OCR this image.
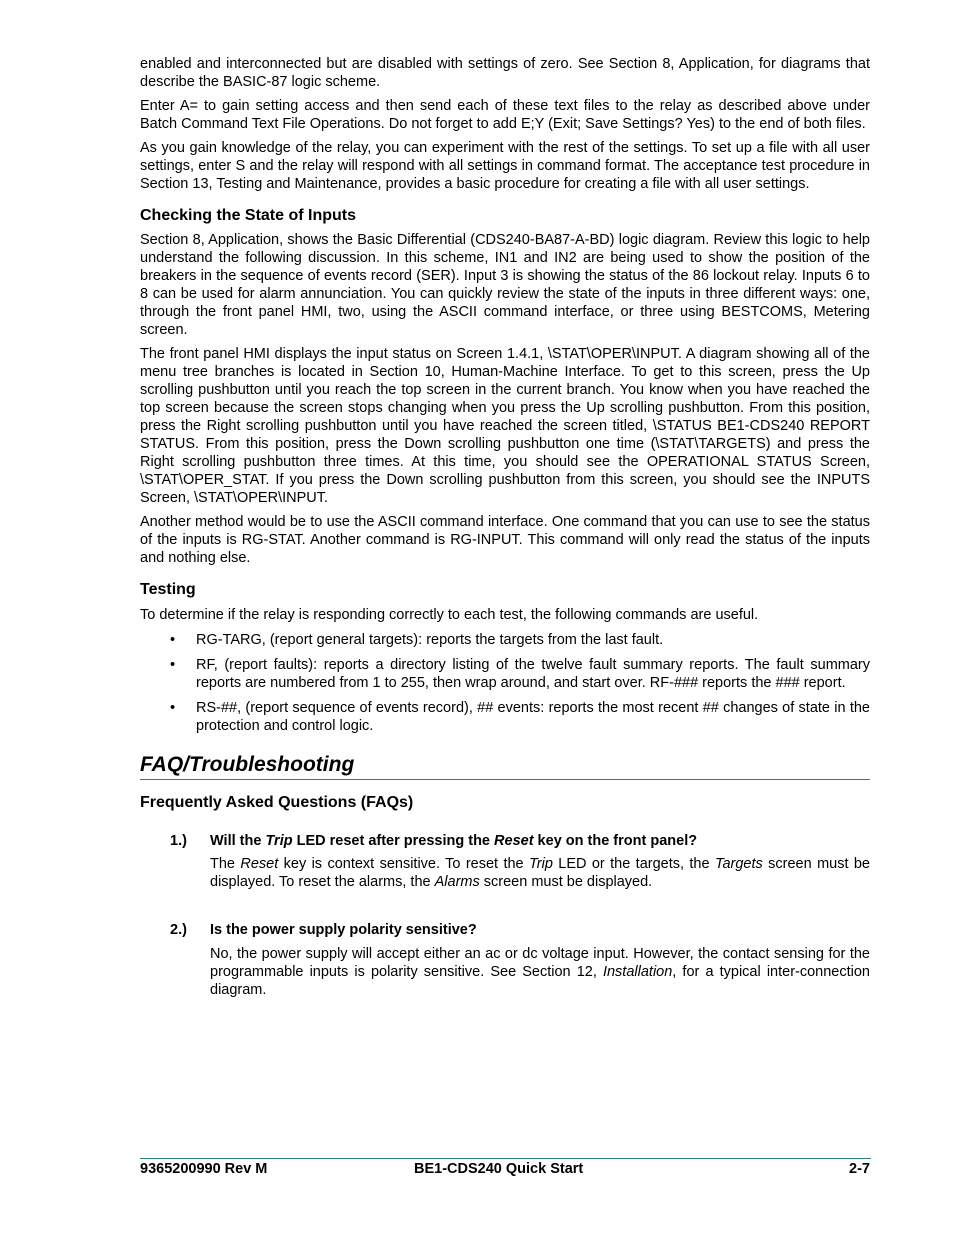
enabled and interconnected but are disabled with settings of zero. See Section 8, Application, for diagrams that describe the BASIC-87 logic scheme.

Enter A= to gain setting access and then send each of these text files to the relay as described above under Batch Command Text File Operations. Do not forget to add E;Y (Exit; Save Settings? Yes) to the end of both files.

As you gain knowledge of the relay, you can experiment with the rest of the settings. To set up a file with all user settings, enter S and the relay will respond with all settings in command format. The acceptance test procedure in Section 13, Testing and Maintenance, provides a basic procedure for creating a file with all user settings.

Checking the State of Inputs

Section 8, Application, shows the Basic Differential (CDS240-BA87-A-BD) logic diagram. Review this logic to help understand the following discussion. In this scheme, IN1 and IN2 are being used to show the position of the breakers in the sequence of events record (SER). Input 3 is showing the status of the 86 lockout relay. Inputs 6 to 8 can be used for alarm annunciation. You can quickly review the state of the inputs in three different ways: one, through the front panel HMI, two, using the ASCII command interface, or three using BESTCOMS, Metering screen.

The front panel HMI displays the input status on Screen 1.4.1, \STAT\OPER\INPUT. A diagram showing all of the menu tree branches is located in Section 10, Human-Machine Interface. To get to this screen, press the Up scrolling pushbutton until you reach the top screen in the current branch. You know when you have reached the top screen because the screen stops changing when you press the Up scrolling pushbutton. From this position, press the Right scrolling pushbutton until you have reached the screen titled, \STATUS BE1-CDS240 REPORT STATUS. From this position, press the Down scrolling pushbutton one time (\STAT\TARGETS) and press the Right scrolling pushbutton three times. At this time, you should see the OPERATIONAL STATUS Screen, \STAT\OPER_STAT. If you press the Down scrolling pushbutton from this screen, you should see the INPUTS Screen, \STAT\OPER\INPUT.

Another method would be to use the ASCII command interface. One command that you can use to see the status of the inputs is RG-STAT. Another command is RG-INPUT. This command will only read the status of the inputs and nothing else.

Testing

To determine if the relay is responding correctly to each test, the following commands are useful.

• RG-TARG, (report general targets): reports the targets from the last fault.
• RF, (report faults): reports a directory listing of the twelve fault summary reports. The fault summary reports are numbered from 1 to 255, then wrap around, and start over. RF-### reports the ### report.
• RS-##, (report sequence of events record), ## events: reports the most recent ## changes of state in the protection and control logic.
FAQ/Troubleshooting
Frequently Asked Questions (FAQs)
1.) Will the Trip LED reset after pressing the Reset key on the front panel?
The Reset key is context sensitive. To reset the Trip LED or the targets, the Targets screen must be displayed. To reset the alarms, the Alarms screen must be displayed.
2.) Is the power supply polarity sensitive?
No, the power supply will accept either an ac or dc voltage input. However, the contact sensing for the programmable inputs is polarity sensitive. See Section 12, Installation, for a typical inter-connection diagram.
9365200990 Rev M	BE1-CDS240 Quick Start	2-7
